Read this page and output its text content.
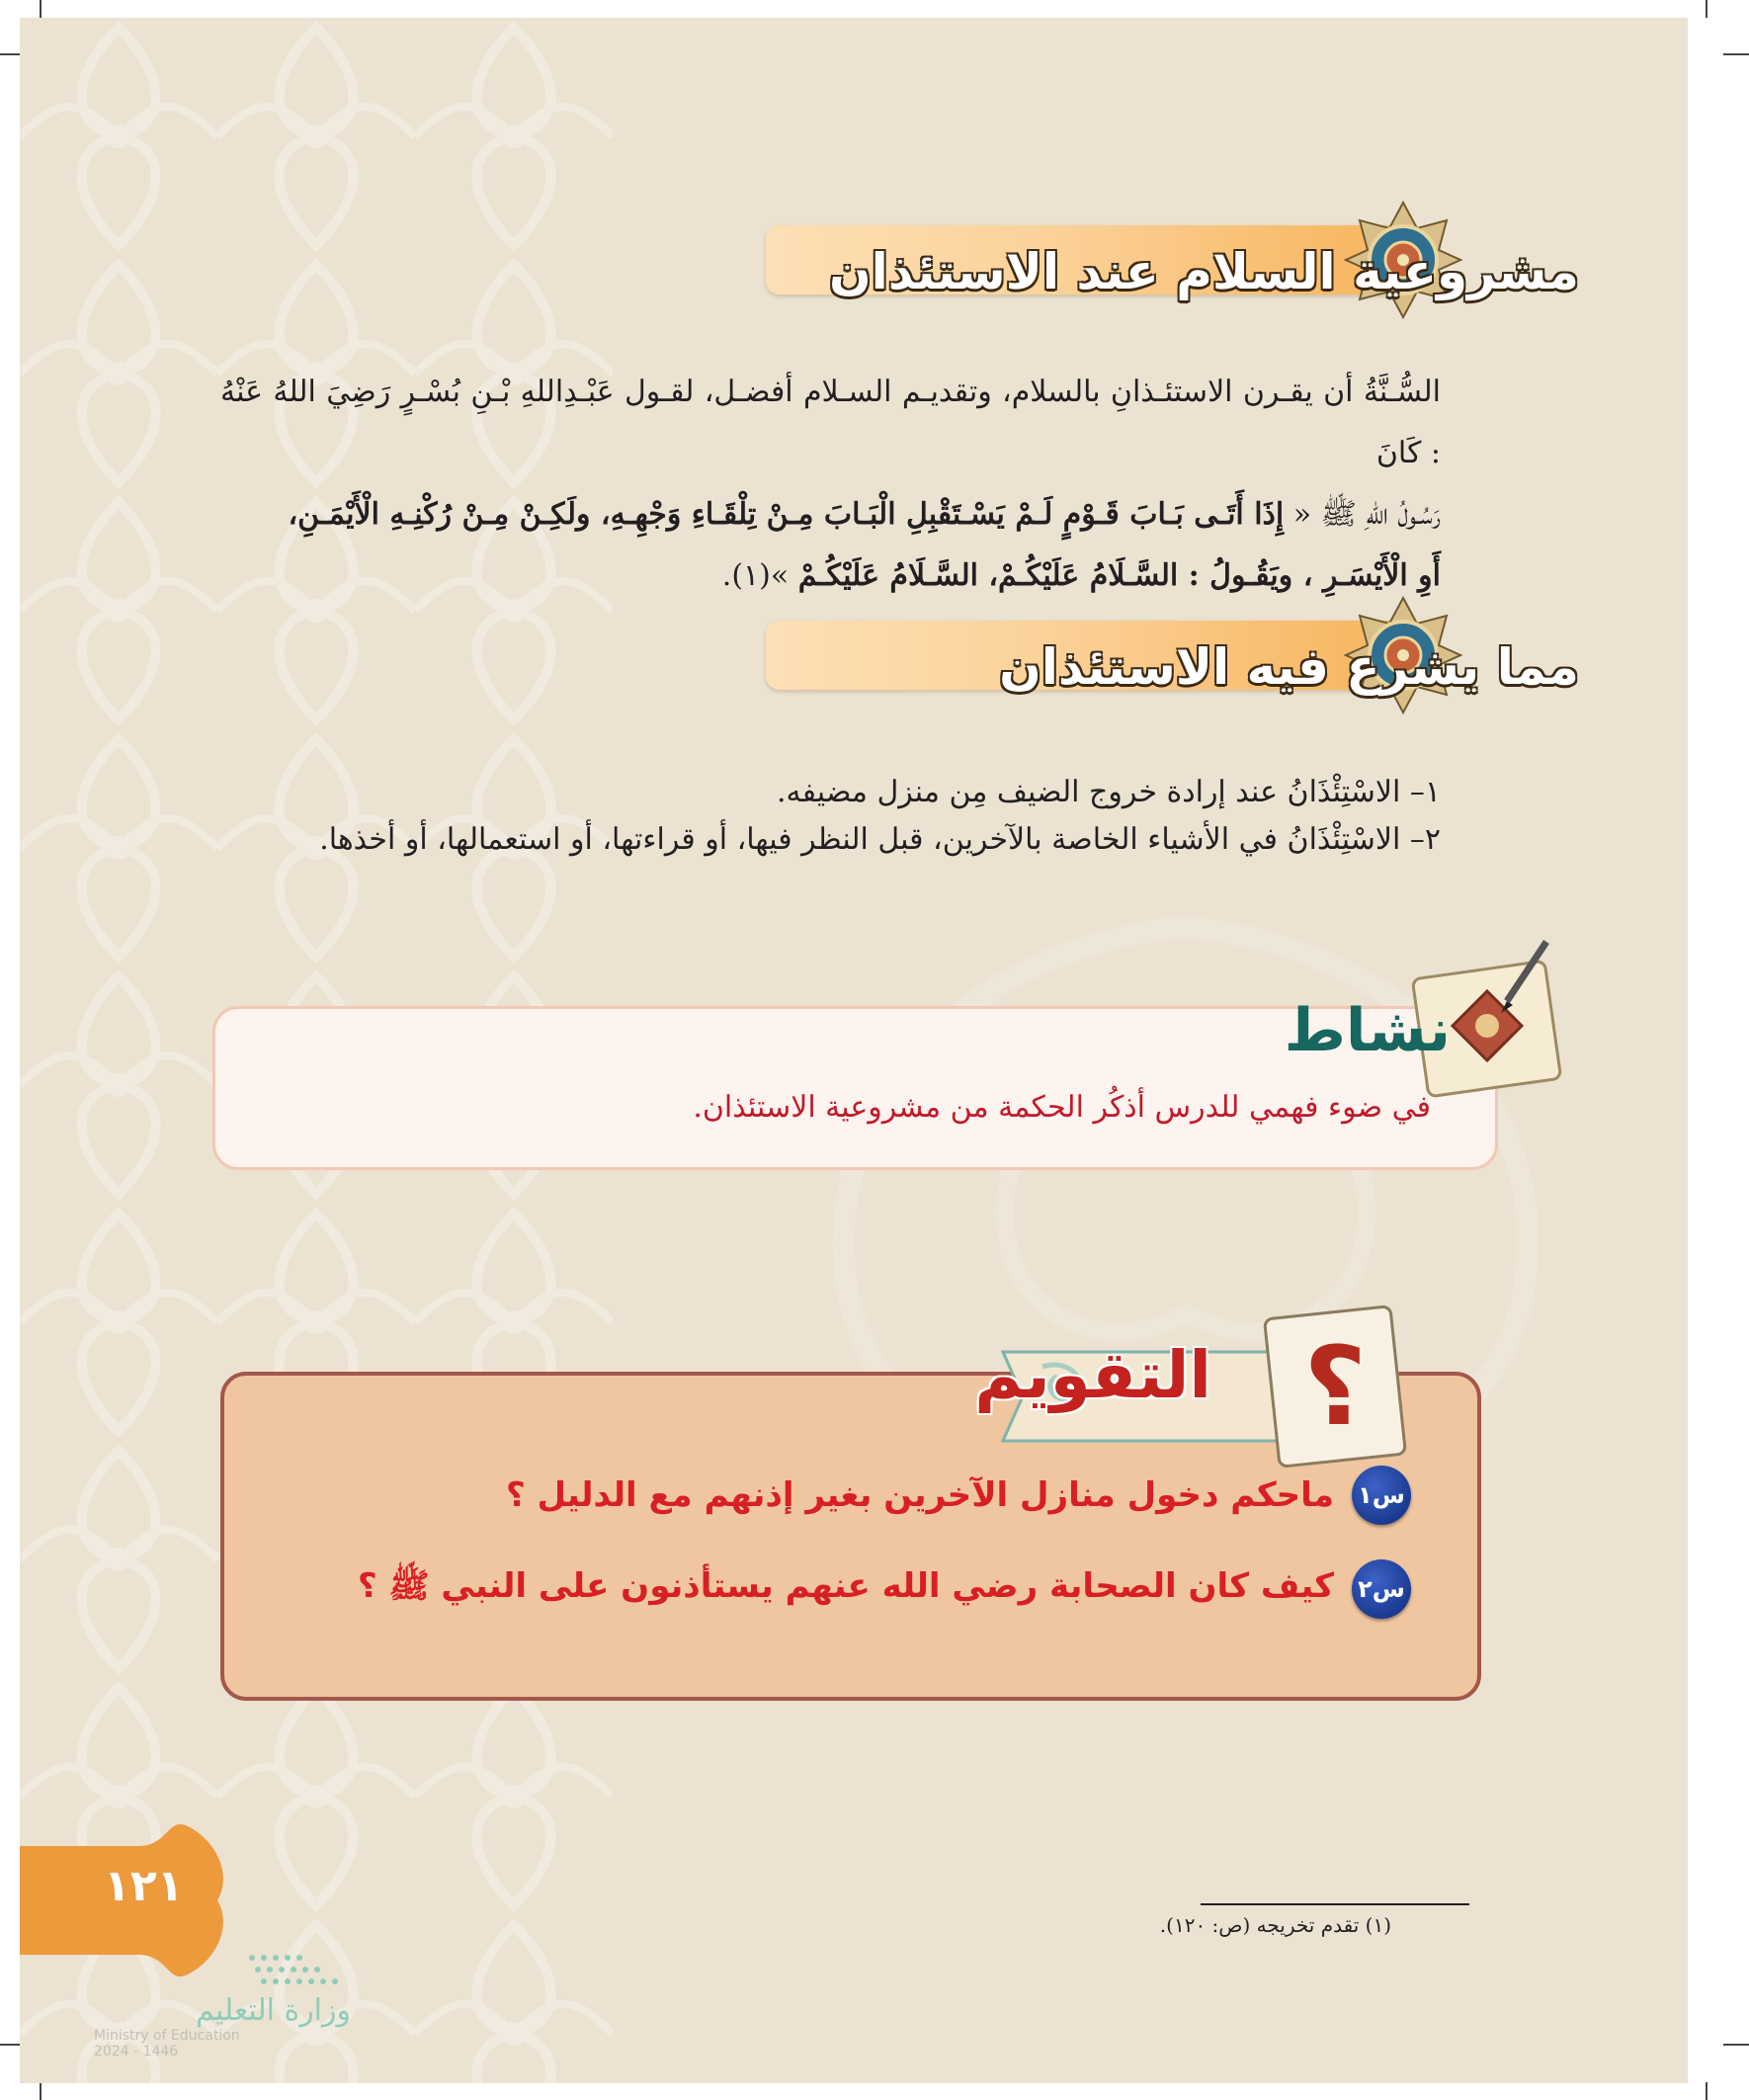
مشروعية السلام عند الاستئذان
السُّـنَّةُ أن يقـرن الاستئـذانِ بالسلام، وتقديـم السـلام أفضـل، لقـول عَبْـدِاللهِ بْـنِ بُسْـرٍ رَضِيَ اللهُ عَنْهُ : كَانَ
رَسُـولُ اللهِ ﷺ « إِذَا أَتَـى بَـابَ قَـوْمٍ لَـمْ يَسْـتَقْبِلِ الْبَـابَ مِـنْ تِلْقَـاءِ وَجْهِـهِ، ولَكِـنْ مِـنْ رُكْنِـهِ الْأَيْمَـنِ،
أَوِ الْأَيْسَـرِ ، ويَقُـولُ : السَّـلَامُ عَلَيْكُـمْ، السَّـلَامُ عَلَيْكُـمْ »(١).
مما يشرع فيه الاستئذان
١– الاسْتِئْذَانُ عند إرادة خروج الضيف مِن منزل مضيفه.
٢– الاسْتِئْذَانُ في الأشياء الخاصة بالآخرين، قبل النظر فيها، أو قراءتها، أو استعمالها، أو أخذها.
نشاط
في ضوء فهمي للدرس أذكُر الحكمة من مشروعية الاستئذان.
؟
التقويم
س١
ماحكم دخول منازل الآخرين بغير إذنهم مع الدليل ؟
س٢
كيف كان الصحابة رضي الله عنهم يستأذنون على النبي ﷺ ؟
١٢١
وزارة التعليم
Ministry of Education
2024 - 1446
(١) تقدم تخريجه (ص: ١٢٠).
